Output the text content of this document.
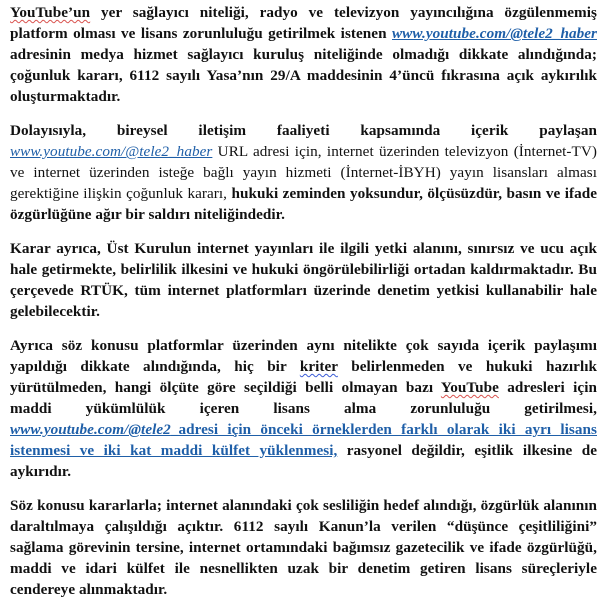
YouTube’un yer sağlayıcı niteliği, radyo ve televizyon yayıncılığına özgülenmemiş platform olması ve lisans zorunluluğu getirilmek istenen www.youtube.com/@tele2_haber adresinin medya hizmet sağlayıcı kuruluş niteliğinde olmadığı dikkate alındığında; çoğunluk kararı, 6112 sayılı Yasa’nın 29/A maddesinin 4’üncü fıkrasına açık aykırılık oluşturmaktadır.

Dolayısıyla, bireysel iletişim faaliyeti kapsamında içerik paylaşan
www.youtube.com/@tele2_haber URL adresi için, internet üzerinden televizyon (İnternet-TV) ve internet üzerinden isteğe bağlı yayın hizmeti (İnternet-İBYH) yayın lisansları alması gerektiğine ilişkin çoğunluk kararı, hukuki zeminden yoksundur, ölçüsüzdür, basın ve ifade özgürlüğüne ağır bir saldırı niteliğindedir.

Karar ayrıca, Üst Kurulun internet yayınları ile ilgili yetki alanını, sınırsız ve ucu açık hale getirmekte, belirlilik ilkesini ve hukuki öngörülebilirliği ortadan kaldırmaktadır. Bu çerçevede RTÜK, tüm internet platformları üzerinde denetim yetkisi kullanabilir hale gelebilecektir.

Ayrıca söz konusu platformlar üzerinden aynı nitelikte çok sayıda içerik paylaşımı yapıldığı dikkate alındığında, hiç bir kriter belirlenmeden ve hukuki hazırlık yürütülmeden, hangi ölçüte göre seçildiği belli olmayan bazı YouTube adresleri için maddi yükümlülük içeren lisans alma zorunluluğu getirilmesi, www.youtube.com/@tele2_adresi için önceki örneklerden farklı olarak iki ayrı lisans istenmesi ve iki kat maddi külfet yüklenmesi, rasyonel değildir, eşitlik ilkesine de aykırıdır.

Söz konusu kararlarla; internet alanındaki çok sesliliğin hedef alındığı, özgürlük alanının daraltılmaya çalışıldığı açıktır. 6112 sayılı Kanun’la verilen “düşünce çeşitliliğini” sağlama görevinin tersine, internet ortamındaki bağımsız gazetecilik ve ifade özgürlüğü, maddi ve idari külfet ile nesnellikten uzak bir denetim getiren lisans süreçleriyle cendereye alınmaktadır.
